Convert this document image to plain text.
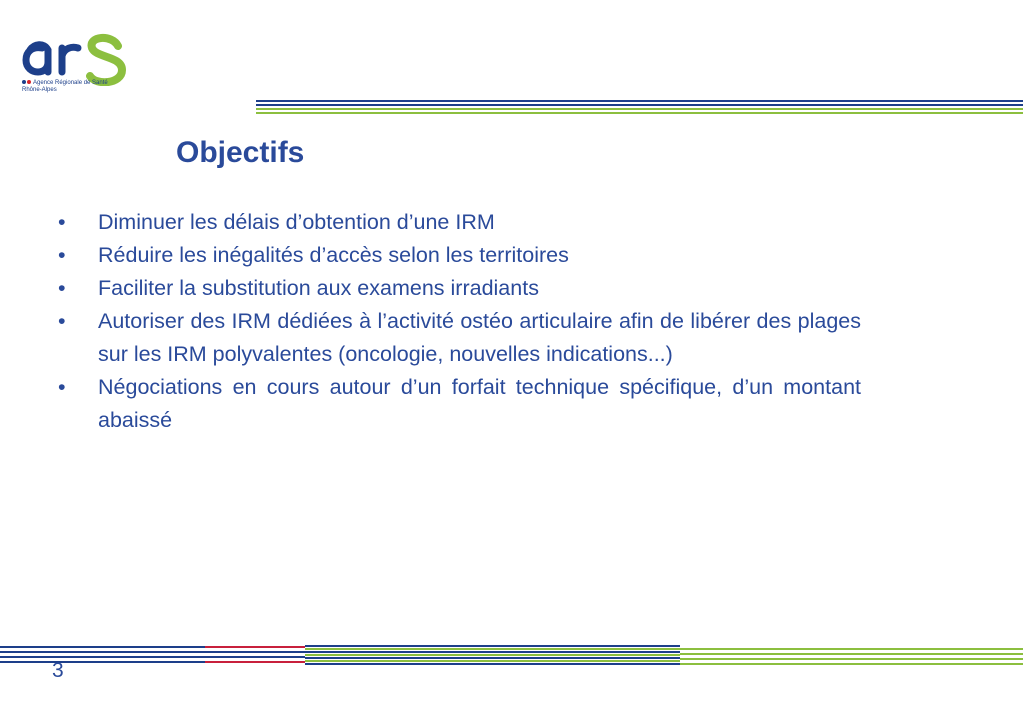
Agence Régionale de Santé
Rhône-Alpes
Objectifs
•	Diminuer les délais d’obtention d’une IRM
•	Réduire les inégalités d’accès selon les territoires
•	Faciliter la substitution aux examens irradiants
•	Autoriser des IRM dédiées à l’activité ostéo articulaire afin de libérer des plages sur les IRM polyvalentes (oncologie, nouvelles indications...)
•	Négociations en cours autour d’un forfait technique spécifique, d’un montant abaissé
3
